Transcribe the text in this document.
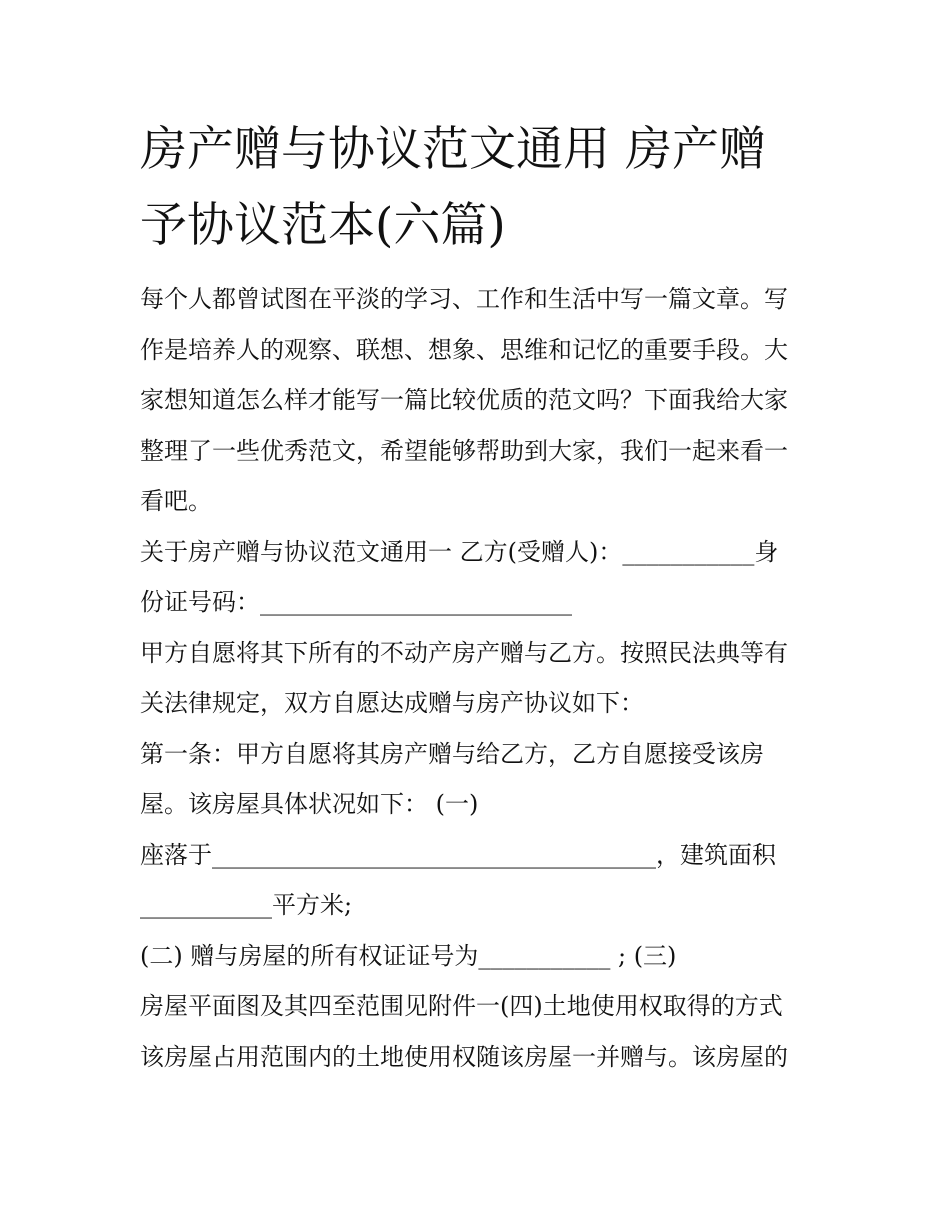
房产赠与协议范文通用 房产赠
予协议范本(六篇)

每个人都曾试图在平淡的学习、工作和生活中写一篇文章。写

作是培养人的观察、联想、想象、思维和记忆的重要手段。大

家想知道怎么样才能写一篇比较优质的范文吗？下面我给大家

整理了一些优秀范文，希望能够帮助到大家，我们一起来看一

看吧。

关于房产赠与协议范文通用一 乙方(受赠人)：___________身

份证号码：__________________________

甲方自愿将其下所有的不动产房产赠与乙方。按照民法典等有

关法律规定，双方自愿达成赠与房产协议如下：

第一条：甲方自愿将其房产赠与给乙方，乙方自愿接受该房

屋。该房屋具体状况如下： (一)

座落于_____________________________________，建筑面积

___________平方米;

(二) 赠与房屋的所有权证证号为___________ ; (三)

房屋平面图及其四至范围见附件一(四)土地使用权取得的方式

该房屋占用范围内的土地使用权随该房屋一并赠与。该房屋的
